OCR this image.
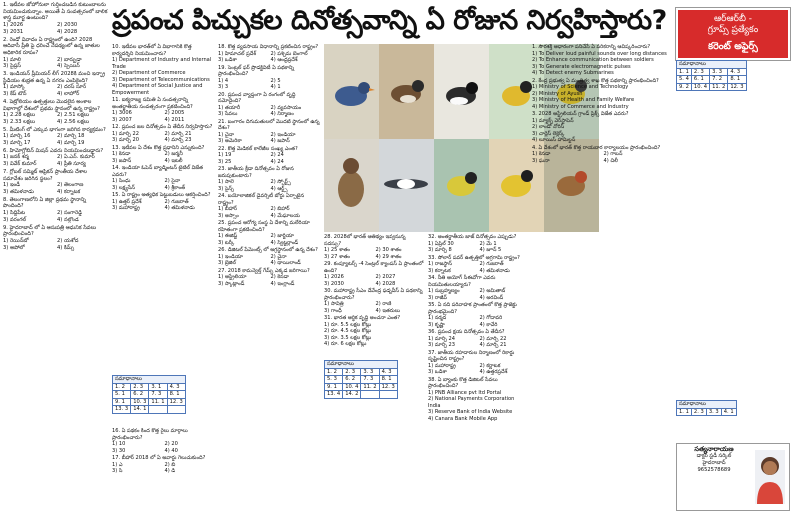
1. ఇటీవల జోహోనులా గుర్తించబడిన కుటుంబాలను నియమించుకున్నాం. అయితే ఏ సంవత్సరంలో బాలిక శాస్త్ర మూర్ఖ ఉంటుంది?
1) 2026	2) 2030
3) 2031	4) 2028
2. రెండో వివాదం ఏ రాష్ట్రంలో ఉంది? 2028 ఆదివాసీ ప్రీతి పై ధరించే నేపథ్యంలో ఉన్న జాతుల అధికారిక రూపం?
1) మాలి	2) బార్బుడా
3) సైప్రస్	4) స్పెయిన్
3. ఇండియన్ ప్రీమియర్ లీగ్ 2028కి మంచి ఇన్ఫ్రా స్టేడియం శుభ్రత ఉన్న ఏ నగరం ఎంపికైంది?
1) మాస్కో	2) దరస్ సూర్
3) కేప్ టౌన్	4) లాహోర్
4. పెట్రోలియం ఉత్పత్తులు మొదలైన అంశాల విభాగాల్లో దేశంలో ప్రథమ స్థానంలో ఉన్న రాష్ట్రం?
1) 2.28 లక్షలు	2) 2.51 లక్షలు
3) 2.33 లక్షలు	4) 2.56 లక్షలు
5. మీటింగ్ లో ఎక్కువ భాగంగా జరిగిన కార్యక్రమం?
1) మార్చి 16	2) మార్చి 18
3) మార్చి 17	4) మార్చి 19
6. హిమోగ్లోబిన్ మిషన్ ఎవరు నియమించబడ్డారు?
1) జనక్ శర్మ	2) ఏ.ఎన్. కుమార్
3) వివేక్ కుమార్	4) ప్రీతి సూర్య
7. గ్లోబల్ సమ్మిట్ ఆఫ్రికన్ ప్రాంతీయ దేశాల సమావేశం జరిగిన స్థలం?
1) ఇండీ	2) తెలంగాణ
3) తమిళనాడు	4) కర్నాటక
8. తెలంగాణలోని ఏ జిల్లా ప్రథమ స్థానాన్ని పొందింది?
1) సిద్దిపేట	2) సంగారెడ్డి
3) వరంగల్	4) నల్గొండ
9. హైదరాబాద్ లో ఏ ఆసుపత్రి ఆధునిక సేవలు ప్రారంభించింది?
1) రెయిన్‌బో	2) యశోద
3) అపోలో	4) కిమ్స్
ప్రపంచ పిచ్చుకల దినోత్సవాన్ని ఏ రోజున నిర్వహిస్తారు?	ఆర్‌ఆర్‌బీ -
గ్రూప్స్ ప్రత్యేకం
కరెంట్ అఫైర్స్
10. ఇటీవల భారత్‌లో ఏ విభాగానికి కొత్త కార్యదర్శిని నియమించారు?
1) Department of Industry and Internal Trade
2) Department of Commerce
3) Department of Telecommunications
4) Department of Social Justice and Empowerment
11. ఐక్యరాజ్య సమితి ఏ సంవత్సరాన్ని అంతర్జాతీయ సంవత్సరంగా ప్రకటించింది?
1) 3006	2) 2005
3) 2007	4) 2011
12. ప్రపంచ జల దినోత్సవం ఏ తేదీన నిర్వహిస్తారు?
1) మార్చి 22	2) మార్చి 21
3) మార్చి 20	4) మార్చి 23
13. ఇటీవల ఏ దేశం కొత్త ప్రధానిని ఎన్నుకుంది?
1) కెనడా	2) జర్మనీ
3) జపాన్	4) ఇటలీ
14. ఇండియా ఓపెన్ బ్యాడ్మింటన్ టైటిల్ విజేత ఎవరు?
1) సింధు	2) సైనా
3) లక్ష్యసేన్	4) శ్రీకాంత్
15. ఏ రాష్ట్రం అత్యధిక పెట్టుబడులు ఆకర్షించింది?
1) ఉత్తర్ ప్రదేశ్	2) గుజరాత్
3) మహారాష్ట్ర	4) తమిళనాడు
సమాధానాలు			
1. 2	2. 3	3. 1	4. 3
5. 1	6. 2	7. 3	8. 1
9. 1	10. 3	11. 1	12. 3
13. 3	14. 1		
16. ఏ పథకం కింద కొత్త రైలు మార్గాలు ప్రారంభించారు?
1) 10	2) 20
3) 30	4) 40
17. బీహార్ 2018 లో ఏ అవార్డు గెలుచుకుంది?
1) ఎ	2) బి
3) సి	4) డి
18. కొత్త వ్యవసాయ విధానాన్ని ప్రకటించిన రాష్ట్రం?
1) హిమాచల్ ప్రదేశ్	2) పశ్చిమ బెంగాల్
3) ఒడిశా	4) ఆంధ్రప్రదేశ్
19. సెంట్రల్ ఫర్ ప్రొడక్టివిటీ ఏ పథకాన్ని ప్రారంభించింది?
1) 4	2) 5
3) 3	4) 1
20. ప్రపంచ వ్యాప్తంగా ఏ రంగంలో వృద్ధి నమోదైంది?
1) తయారీ	2) వ్యవసాయం
3) సేవలు	4) నిర్మాణం
21. బంగారం దిగుమతులలో మొదటి స్థానంలో ఉన్న దేశం?
1) చైనా	2) ఇండియా
3) అమెరికా	4) జపాన్
22. కొత్త మెడికల్ కాలేజీల సంఖ్య ఎంత?
1) 19	2) 24
3) 25	4) 24
23. జాతీయ క్రీడా దినోత్సవం ఏ రోజున జరుపుకుంటారు?
1) సాలె	2) స్పోర్ట్స్
3) సైన్స్	4) ఆర్ట్స్
24. బయోలాజికల్ డైవర్సిటీ బోర్డు ఏర్పాటైన రాష్ట్రం?
1) బీహార్	2) బిహార్
3) అస్సాం	4) మేఘాలయ
25. ప్రపంచ ఆరోగ్య సంస్థ ఏ దేశాన్ని మలేరియా రహితంగా ప్రకటించింది?
1) ఈజిప్ట్	2) జార్జియా
3) టర్కీ	4) స్విట్జర్లాండ్
26. డిజిటల్ పేమెంట్స్ లో అగ్రస్థానంలో ఉన్న దేశం?
1) ఇండియా	2) చైనా
3) బ్రెజిల్	4) థాయిలాండ్
27. 2018 కామన్వెల్త్ గేమ్స్ ఎక్కడ జరిగాయి?
1) ఆస్ట్రేలియా	2) కెనడా
3) స్కాట్లాండ్	4) ఇంగ్లాండ్
28. 2028లో భారత్ ఆతిథ్యం ఇవ్వనున్న సదస్సు?
1) 25 శాతం	2) 30 శాతం
3) 27 శాతం	4) 29 శాతం
29. కంప్యూటర్స్ -4 సెంట్రల్ క్యాంపస్ ఏ ప్రాంతంలో ఉంది?
1) 2026	2) 2027
3) 2030	4) 2028
30. మహారాష్ట్ర సీఎం దేవేంద్ర ఫడ్నవీస్ ఏ పథకాన్ని ప్రారంభించారు?
1) సావిత్రి	2) రాణి
3) గాంధీ	4) ఇతరులు
31. భారత ఆర్థిక వృద్ధి అంచనా ఎంత?
1) రూ. 5.5 లక్షల కోట్లు
2) రూ. 4.5 లక్షల కోట్లు
3) రూ. 3.5 లక్షల కోట్లు
4) రూ. 6 లక్షల కోట్లు
సమాధానాలు			
1. 2	2. 3	3. 3	4. 3
5. 3	6. 2	7. 3	8. 1
9. 1	10. 4	11. 2	12. 3
13. 4	14. 2		
32. అంతర్జాతీయ జాజ్ దినోత్సవం ఎప్పుడు?
1) ఏప్రిల్ 30	2) మే 1
3) మార్చి 8	4) జూన్ 5
33. సోలార్ పవర్ ఉత్పత్తిలో అగ్రగామి రాష్ట్రం?
1) రాజస్థాన్	2) గుజరాత్
3) కర్నాటక	4) తమిళనాడు
34. నీతి ఆయోగ్ సీఈవోగా ఎవరు నియమితులయ్యారు?
1) సుబ్రహ్మణ్యం	2) అమితాబ్
3) రాజీవ్	4) అరవింద్
35. ఏ నది పరివాహక ప్రాంతంలో కొత్త ప్రాజెక్టు ప్రారంభమైంది?
1) నర్మద	2) గోదావరి
3) కృష్ణా	4) కావేరి
36. ప్రపంచ క్షయ దినోత్సవం ఏ తేదీన?
1) మార్చి 24	2) మార్చి 22
3) మార్చి 23	4) మార్చి 21
37. జాతీయ రహదారుల నిర్మాణంలో రికార్డు సృష్టించిన రాష్ట్రం?
1) మహారాష్ట్ర	2) కర్ణాటక
3) ఒడిశా	4) ఉత్తరప్రదేశ్
38. ఏ బ్యాంకు కొత్త డిజిటల్ సేవలు ప్రారంభించింది?
1) PNB Alliance pvt ltd Portal
2) National Payments Corporation India
3) Reserve Bank of India Website
4) Canara Bank Mobile App
1. సౌరశక్తి ఆధారంగా పనిచేసే ఏ పరికరాన్ని ఆవిష్కరించారు?
1) To Deliver loud painful sounds over long distances
2) To Enhance communication between soldiers
3) To Generate electromagnetic pulses
4) To Detect enemy Submarines
2. కేంద్ర ప్రభుత్వ ఏ మంత్రిత్వ శాఖ కొత్త పథకాన్ని ప్రారంభించింది?
1) Ministry of Science and Technology
2) Ministry of Ayush
3) Ministry of Health and Family Welfare
4) Ministry of Commerce and Industry
3. 2028 ఆస్ట్రేలియన్ గ్రాండ్ ప్రిక్స్ విజేత ఎవరు?
1) మ్యాక్స్ వెర్‌స్టాపెన్
2) లాండో నోరిస్
3) చార్లెస్ లెక్లెర్క్
4) లూయిస్ హామిల్టన్
4. ఏ దేశంలో భారత్ కొత్త రాయబార కార్యాలయం ప్రారంభించింది?
1) కెనడా	2) గాబన్
3) ఘనా	4) చిలీ
సమాధానాలు			
1. 1	2. 3	3. 3	4. 3
5. 4	6. 1	7. 2	8. 1
9. 2	10. 4	11. 2	12. 3
సమాధానాలు
1. 1	2. 3	3. 3	4. 1
సత్యనారాయణ
డాక్టర్ స్టడీ సర్కిల్
హైదరాబాద్
9652578689
